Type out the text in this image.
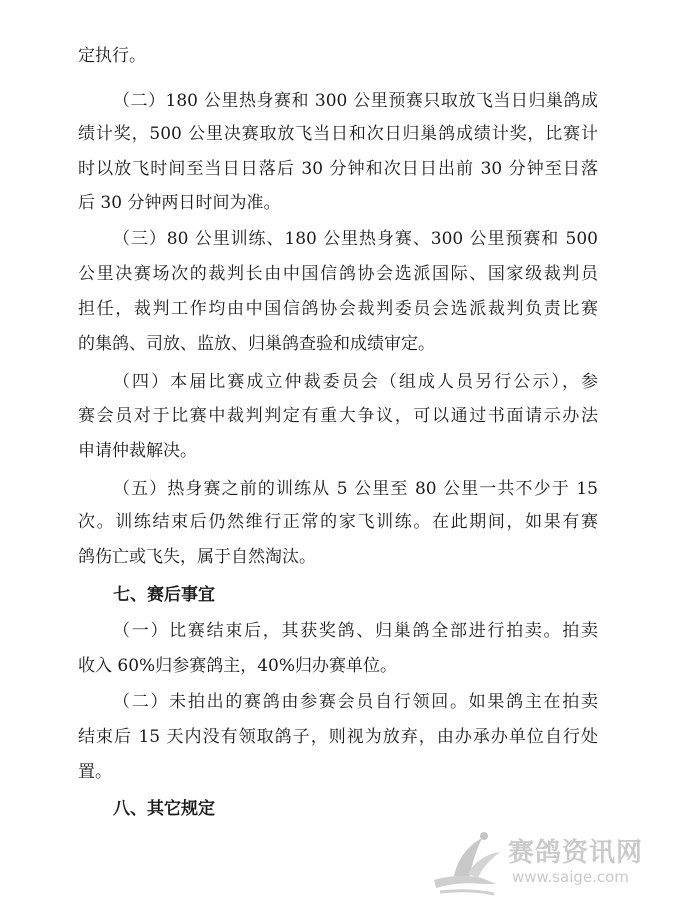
定执行。
（二）180 公里热身赛和 300 公里预赛只取放飞当日归巢鸽成
绩计奖，500 公里决赛取放飞当日和次日归巢鸽成绩计奖，比赛计
时以放飞时间至当日日落后 30 分钟和次日日出前 30 分钟至日落
后 30 分钟两日时间为准。
（三）80 公里训练、180 公里热身赛、300 公里预赛和 500
公里决赛场次的裁判长由中国信鸽协会选派国际、国家级裁判员
担任，裁判工作均由中国信鸽协会裁判委员会选派裁判负责比赛
的集鸽、司放、监放、归巢鸽查验和成绩审定。
（四）本届比赛成立仲裁委员会（组成人员另行公示），参
赛会员对于比赛中裁判判定有重大争议，可以通过书面请示办法
申请仲裁解决。
（五）热身赛之前的训练从 5 公里至 80 公里一共不少于 15
次。训练结束后仍然维行正常的家飞训练。在此期间，如果有赛
鸽伤亡或飞失，属于自然淘汰。
七、赛后事宜
（一）比赛结束后，其获奖鸽、归巢鸽全部进行拍卖。拍卖
收入 60%归参赛鸽主，40%归办赛单位。
（二）未拍出的赛鸽由参赛会员自行领回。如果鸽主在拍卖
结束后 15 天内没有领取鸽子，则视为放弃，由办承办单位自行处
置。
八、其它规定
赛鸽资讯网
www.saige.com
